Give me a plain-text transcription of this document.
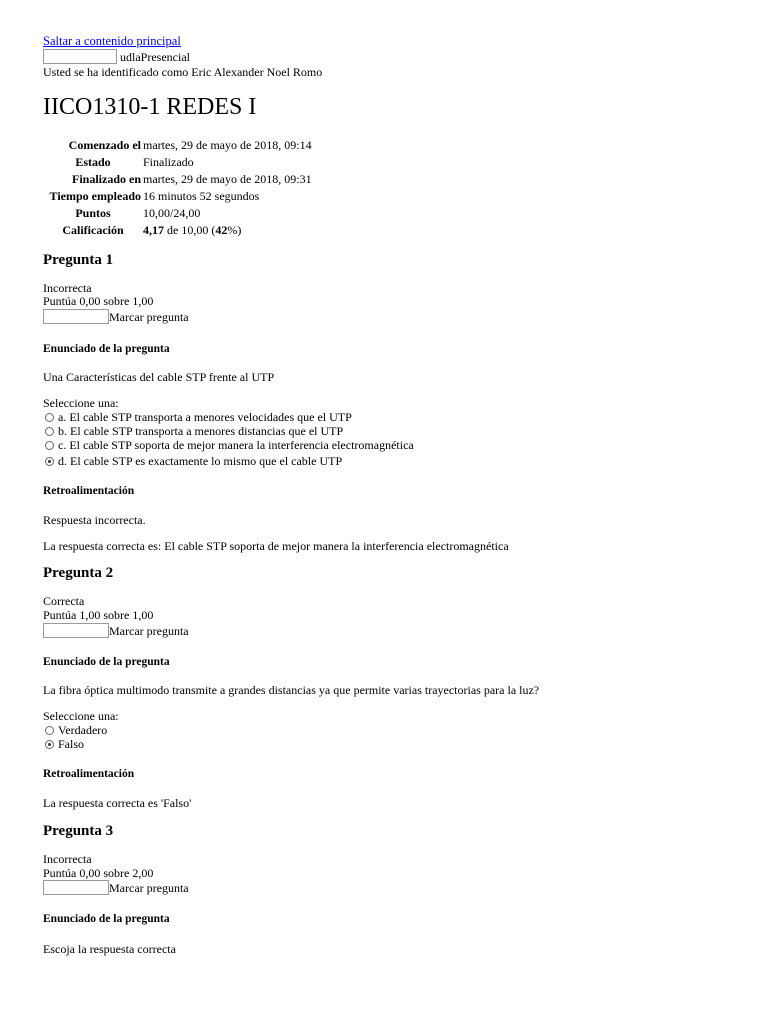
Saltar a contenido principal
udlaPresencial
Usted se ha identificado como Eric Alexander Noel Romo
IICO1310-1 REDES I
Comenzado el	martes, 29 de mayo de 2018, 09:14
Estado	Finalizado
Finalizado en	martes, 29 de mayo de 2018, 09:31
Tiempo empleado	16 minutos 52 segundos
Puntos	10,00/24,00
Calificación	4,17 de 10,00 (42%)
Pregunta 1
Incorrecta
Puntúa 0,00 sobre 1,00
Marcar pregunta
Enunciado de la pregunta
Una Características del cable STP frente al UTP
Seleccione una:
a. El cable STP transporta a menores velocidades que el UTP
b. El cable STP transporta a menores distancias que el UTP
c. El cable STP soporta de mejor manera la interferencia electromagnética
d. El cable STP es exactamente lo mismo que el cable UTP
Retroalimentación
Respuesta incorrecta.
La respuesta correcta es: El cable STP soporta de mejor manera la interferencia electromagnética
Pregunta 2
Correcta
Puntúa 1,00 sobre 1,00
Marcar pregunta
Enunciado de la pregunta
La fibra óptica multimodo transmite a grandes distancias ya que permite varias trayectorias para la luz?
Seleccione una:
Verdadero
Falso
Retroalimentación
La respuesta correcta es 'Falso'
Pregunta 3
Incorrecta
Puntúa 0,00 sobre 2,00
Marcar pregunta
Enunciado de la pregunta
Escoja la respuesta correcta
